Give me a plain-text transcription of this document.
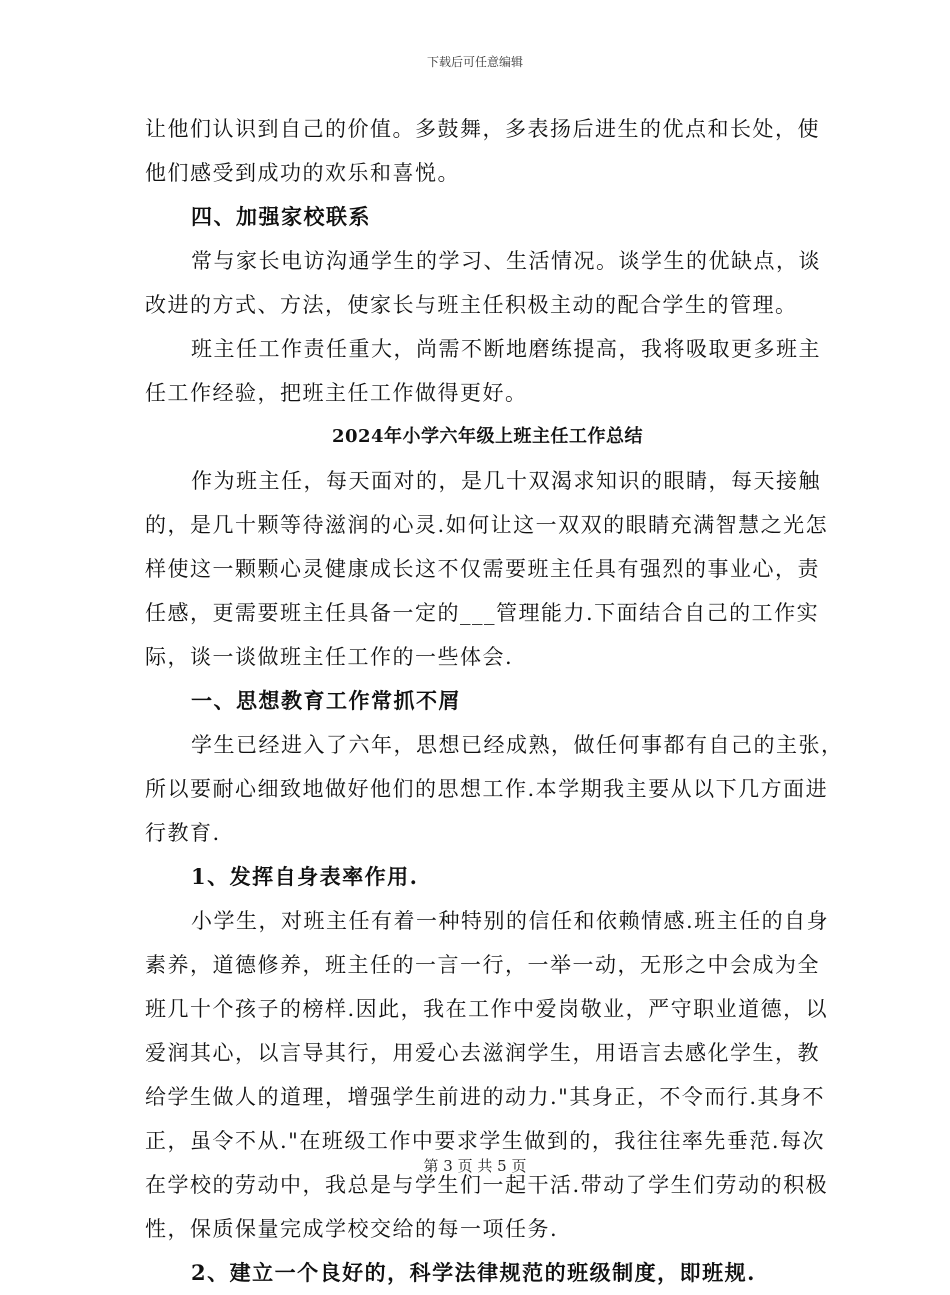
下载后可任意编辑
让他们认识到自己的价值。多鼓舞，多表扬后进生的优点和长处，使
他们感受到成功的欢乐和喜悦。
四、加强家校联系
常与家长电访沟通学生的学习、生活情况。谈学生的优缺点，谈
改进的方式、方法，使家长与班主任积极主动的配合学生的管理。
班主任工作责任重大，尚需不断地磨练提高，我将吸取更多班主
任工作经验，把班主任工作做得更好。
2024年小学六年级上班主任工作总结
作为班主任，每天面对的，是几十双渴求知识的眼睛，每天接触
的，是几十颗等待滋润的心灵.如何让这一双双的眼睛充满智慧之光怎
样使这一颗颗心灵健康成长这不仅需要班主任具有强烈的事业心，责
任感，更需要班主任具备一定的___管理能力.下面结合自己的工作实
际，谈一谈做班主任工作的一些体会.
一、思想教育工作常抓不屑
学生已经进入了六年，思想已经成熟，做任何事都有自己的主张，
所以要耐心细致地做好他们的思想工作.本学期我主要从以下几方面进
行教育.
1、发挥自身表率作用.
小学生，对班主任有着一种特别的信任和依赖情感.班主任的自身
素养，道德修养，班主任的一言一行，一举一动，无形之中会成为全
班几十个孩子的榜样.因此，我在工作中爱岗敬业，严守职业道德，以
爱润其心，以言导其行，用爱心去滋润学生，用语言去感化学生，教
给学生做人的道理，增强学生前进的动力."其身正，不令而行.其身不
正，虽令不从."在班级工作中要求学生做到的，我往往率先垂范.每次
在学校的劳动中，我总是与学生们一起干活.带动了学生们劳动的积极
性，保质保量完成学校交给的每一项任务.
2、建立一个良好的，科学法律规范的班级制度，即班规.
第 3 页 共 5 页
